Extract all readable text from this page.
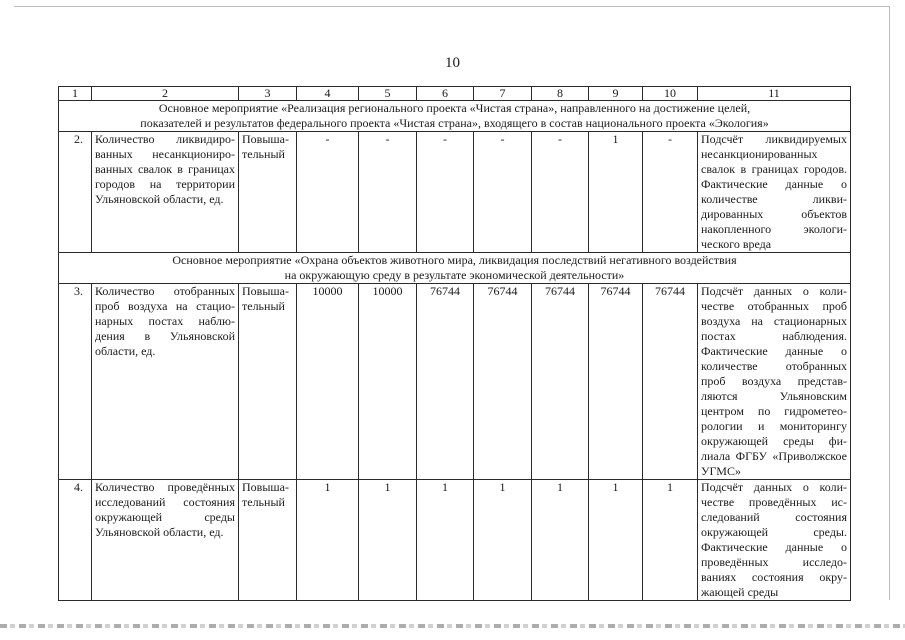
10
1	2	3	4	5	6	7	8	9	10	11

Основное мероприятие «Реализация регионального проекта «Чистая страна», направленного на достижение целей,
показателей и результатов федерального проекта «Чистая страна», входящего в состав национального проекта «Экология»										

2.	Количество ликвидированных несанкционированных свалок в границах городов на территории Ульяновской области, ед.	Повышательный	-	-	-	-	-	1	-	Подсчёт ликвидируемых несанкционированных свалок в границах городов. Фактические данные о количестве ликвидированных объектов накопленного экологического вреда

Основное мероприятие «Охрана объектов животного мира, ликвидация последствий негативного воздействия
на окружающую среду в результате экономической деятельности»										

3.	Количество отобранных проб воздуха на стационарных постах наблюдения в Ульяновской области, ед.	Повышательный	10000	10000	76744	76744	76744	76744	76744	Подсчёт данных о количестве отобранных проб воздуха на стационарных постах наблюдения. Фактические данные о количестве отобранных проб воздуха представляются Ульяновским центром по гидрометеорологии и мониторингу окружающей среды филиала ФГБУ «Приволжское УГМС»
4.	Количество проведённых исследований состояния окружающей среды Ульяновской области, ед.	Повышательный	1	1	1	1	1	1	1	Подсчёт данных о количестве проведённых исследований состояния окружающей среды. Фактические данные о проведённых исследованиях состояния окружающей среды
